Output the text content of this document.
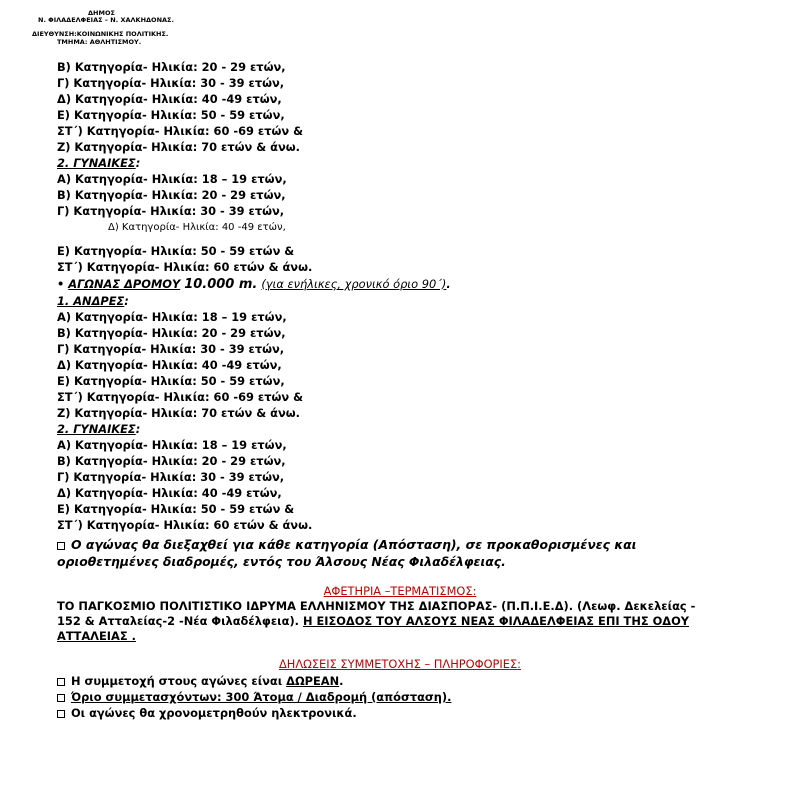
ΔΗΜΟΣ
Ν. ΦΙΛΑΔΕΛΦΕΙΑΣ – Ν. ΧΑΛΚΗΔΟΝΑΣ.
ΔΙΕΥΘΥΝΣΗ:ΚΟΙΝΩΝΙΚΗΣ ΠΟΛΙΤΙΚΗΣ.
ΤΜΗΜΑ: ΑΘΛΗΤΙΣΜΟΥ.
Β) Κατηγορία- Ηλικία: 20 - 29 ετών,
Γ) Κατηγορία- Ηλικία: 30 - 39 ετών,
Δ) Κατηγορία- Ηλικία: 40 -49 ετών,
Ε) Κατηγορία- Ηλικία: 50 - 59 ετών,
ΣΤ΄) Κατηγορία- Ηλικία: 60 -69 ετών &
Ζ) Κατηγορία- Ηλικία: 70 ετών & άνω.
2. ΓΥΝΑΙΚΕΣ:
Α) Κατηγορία- Ηλικία: 18 – 19 ετών,
Β) Κατηγορία- Ηλικία: 20 - 29 ετών,
Γ) Κατηγορία- Ηλικία: 30 - 39 ετών,
Δ) Κατηγορία- Ηλικία: 40 -49 ετών,
Ε) Κατηγορία- Ηλικία: 50 - 59 ετών &
ΣΤ΄) Κατηγορία- Ηλικία: 60 ετών & άνω.
• ΑΓΩΝΑΣ ΔΡΟΜΟΥ 10.000 m. (για ενήλικες, χρονικό όριο 90΄).
1. ΑΝΔΡΕΣ:
Α) Κατηγορία- Ηλικία: 18 – 19 ετών,
Β) Κατηγορία- Ηλικία: 20 - 29 ετών,
Γ) Κατηγορία- Ηλικία: 30 - 39 ετών,
Δ) Κατηγορία- Ηλικία: 40 -49 ετών,
Ε) Κατηγορία- Ηλικία: 50 - 59 ετών,
ΣΤ΄) Κατηγορία- Ηλικία: 60 -69 ετών &
Ζ) Κατηγορία- Ηλικία: 70 ετών & άνω.
2. ΓΥΝΑΙΚΕΣ:
Α) Κατηγορία- Ηλικία: 18 – 19 ετών,
Β) Κατηγορία- Ηλικία: 20 - 29 ετών,
Γ) Κατηγορία- Ηλικία: 30 - 39 ετών,
Δ) Κατηγορία- Ηλικία: 40 -49 ετών,
Ε) Κατηγορία- Ηλικία: 50 - 59 ετών &
ΣΤ΄) Κατηγορία- Ηλικία: 60 ετών & άνω.
Ο αγώνας θα διεξαχθεί για κάθε κατηγορία (Απόσταση), σε προκαθορισμένες και
οριοθετημένες διαδρομές, εντός του Άλσους Νέας Φιλαδέλφειας.
ΑΦΕΤΗΡΙΑ –ΤΕΡΜΑΤΙΣΜΟΣ:
ΤΟ ΠΑΓΚΟΣΜΙΟ ΠΟΛΙΤΙΣΤΙΚΟ ΙΔΡΥΜΑ ΕΛΛΗΝΙΣΜΟΥ ΤΗΣ ΔΙΑΣΠΟΡΑΣ- (Π.Π.Ι.Ε.Δ). (Λεωφ. Δεκελείας -
152 & Ατταλείας-2 -Νέα Φιλαδέλφεια). Η ΕΙΣΟΔΟΣ ΤΟΥ ΑΛΣΟΥΣ ΝΕΑΣ ΦΙΛΑΔΕΛΦΕΙΑΣ ΕΠΙ ΤΗΣ ΟΔΟΥ
ΑΤΤΑΛΕΙΑΣ .
ΔΗΛΩΣΕΙΣ ΣΥΜΜΕΤΟΧΗΣ – ΠΛΗΡΟΦΟΡΙΕΣ:
Η συμμετοχή στους αγώνες είναι ΔΩΡΕΑΝ.
Όριο συμμετασχόντων: 300 Άτομα / Διαδρομή (απόσταση).
Οι αγώνες θα χρονομετρηθούν ηλεκτρονικά.
